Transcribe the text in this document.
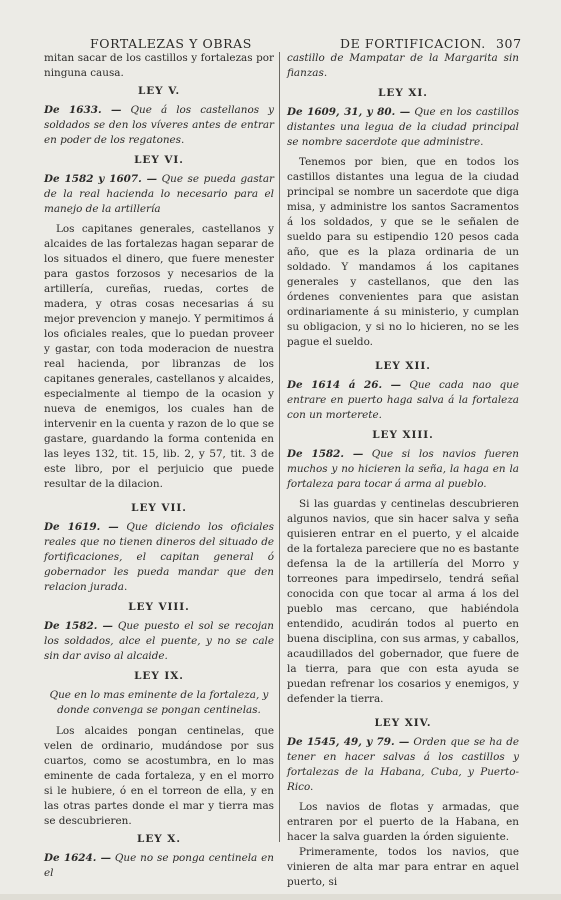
FORTALEZAS Y OBRAS	DE FORTIFICACION. 307

mitan sacar de los castillos y fortalezas por ninguna causa.

LEY V.

De 1633. — Que á los castellanos y soldados se den los víveres antes de entrar en poder de los regatones.

LEY VI.

De 1582 y 1607. — Que se pueda gastar de la real hacienda lo necesario para el manejo de la artillería

Los capitanes generales, castellanos y alcaides de las fortalezas hagan separar de los situados el dinero, que fuere menester para gastos forzosos y necesarios de la artillería, cureñas, ruedas, cortes de madera, y otras cosas necesarias á su mejor prevencion y manejo. Y permitimos á los oficiales reales, que lo puedan proveer y gastar, con toda moderacion de nuestra real hacienda, por libranzas de los capitanes generales, castellanos y alcaides, especialmente al tiempo de la ocasion y nueva de enemigos, los cuales han de intervenir en la cuenta y razon de lo que se gastare, guardando la forma contenida en las leyes 132, tit. 15, lib. 2, y 57, tit. 3 de este libro, por el perjuicio que puede resultar de la dilacion.

LEY VII.

De 1619. — Que diciendo los oficiales reales que no tienen dineros del situado de fortificaciones, el capitan general ó gobernador les pueda mandar que den relacion jurada.

LEY VIII.

De 1582. — Que puesto el sol se recojan los soldados, alce el puente, y no se cale sin dar aviso al alcaide.

LEY IX.

Que en lo mas eminente de la fortaleza, y donde convenga se pongan centinelas.

Los alcaides pongan centinelas, que velen de ordinario, mudándose por sus cuartos, como se acostumbra, en lo mas eminente de cada fortaleza, y en el morro si le hubiere, ó en el torreon de ella, y en las otras partes donde el mar y tierra mas se descubrieren.

LEY X.

De 1624. — Que no se ponga centinela en el

castillo de Mampatar de la Margarita sin fianzas.

LEY XI.

De 1609, 31, y 80. — Que en los castillos distantes una legua de la ciudad principal se nombre sacerdote que administre.

Tenemos por bien, que en todos los castillos distantes una legua de la ciudad principal se nombre un sacerdote que diga misa, y administre los santos Sacramentos á los soldados, y que se le señalen de sueldo para su estipendio 120 pesos cada año, que es la plaza ordinaria de un soldado. Y mandamos á los capitanes generales y castellanos, que den las órdenes convenientes para que asistan ordinariamente á su ministerio, y cumplan su obligacion, y si no lo hicieren, no se les pague el sueldo.

LEY XII.

De 1614 á 26. — Que cada nao que entrare en puerto haga salva á la fortaleza con un morterete.

LEY XIII.

De 1582. — Que si los navios fueren muchos y no hicieren la seña, la haga en la fortaleza para tocar á arma al pueblo.

Si las guardas y centinelas descubrieren algunos navios, que sin hacer salva y seña quisieren entrar en el puerto, y el alcaide de la fortaleza pareciere que no es bastante defensa la de la artillería del Morro y torreones para impedirselo, tendrá señal conocida con que tocar al arma á los del pueblo mas cercano, que habiéndola entendido, acudirán todos al puerto en buena disciplina, con sus armas, y caballos, acaudillados del gobernador, que fuere de la tierra, para que con esta ayuda se puedan refrenar los cosarios y enemigos, y defender la tierra.

LEY XIV.

De 1545, 49, y 79. — Orden que se ha de tener en hacer salvas á los castillos y fortalezas de la Habana, Cuba, y Puerto-Rico.

Los navios de flotas y armadas, que entraren por el puerto de la Habana, en hacer la salva guarden la órden siguiente.

Primeramente, todos los navios, que vinieren de alta mar para entrar en aquel puerto, si
